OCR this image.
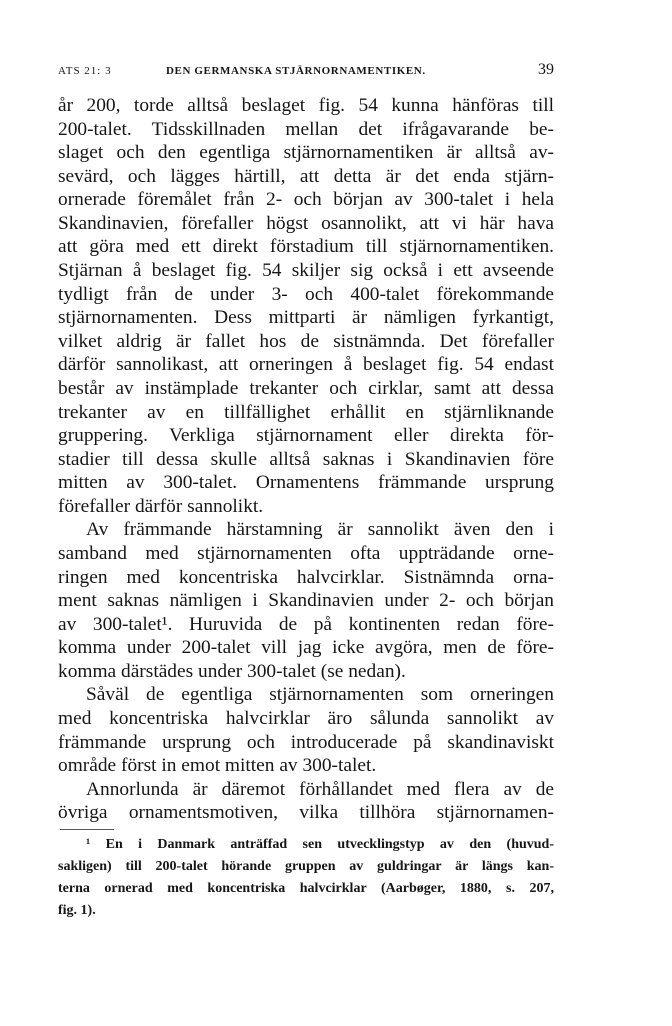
ATS 21: 3	DEN GERMANSKA STJÄRNORNAMENTIKEN.	39
år 200, torde alltså beslaget fig. 54 kunna hänföras till
200-talet. Tidsskillnaden mellan det ifrågavarande be-
slaget och den egentliga stjärnornamentiken är alltså av-
sevärd, och lägges härtill, att detta är det enda stjärn-
ornerade föremålet från 2- och början av 300-talet i hela
Skandinavien, förefaller högst osannolikt, att vi här hava
att göra med ett direkt förstadium till stjärnornamentiken.
Stjärnan å beslaget fig. 54 skiljer sig också i ett avseende
tydligt från de under 3- och 400-talet förekommande
stjärnornamenten. Dess mittparti är nämligen fyrkantigt,
vilket aldrig är fallet hos de sistnämnda. Det förefaller
därför sannolikast, att orneringen å beslaget fig. 54 endast
består av instämplade trekanter och cirklar, samt att dessa
trekanter av en tillfällighet erhållit en stjärnliknande
gruppering. Verkliga stjärnornament eller direkta för-
stadier till dessa skulle alltså saknas i Skandinavien före
mitten av 300-talet. Ornamentens främmande ursprung
förefaller därför sannolikt.
Av främmande härstamning är sannolikt även den i
samband med stjärnornamenten ofta uppträdande orne-
ringen med koncentriska halvcirklar. Sistnämnda orna-
ment saknas nämligen i Skandinavien under 2- och början
av 300-talet¹. Huruvida de på kontinenten redan före-
komma under 200-talet vill jag icke avgöra, men de före-
komma därstädes under 300-talet (se nedan).
Såväl de egentliga stjärnornamenten som orneringen
med koncentriska halvcirklar äro sålunda sannolikt av
främmande ursprung och introducerade på skandinaviskt
område först in emot mitten av 300-talet.
Annorlunda är däremot förhållandet med flera av de
övriga ornamentsmotiven, vilka tillhöra stjärnornamen-
¹ En i Danmark anträffad sen utvecklingstyp av den (huvud-
sakligen) till 200-talet hörande gruppen av guldringar är längs kan-
terna ornerad med koncentriska halvcirklar (Aarbøger, 1880, s. 207,
fig. 1).
